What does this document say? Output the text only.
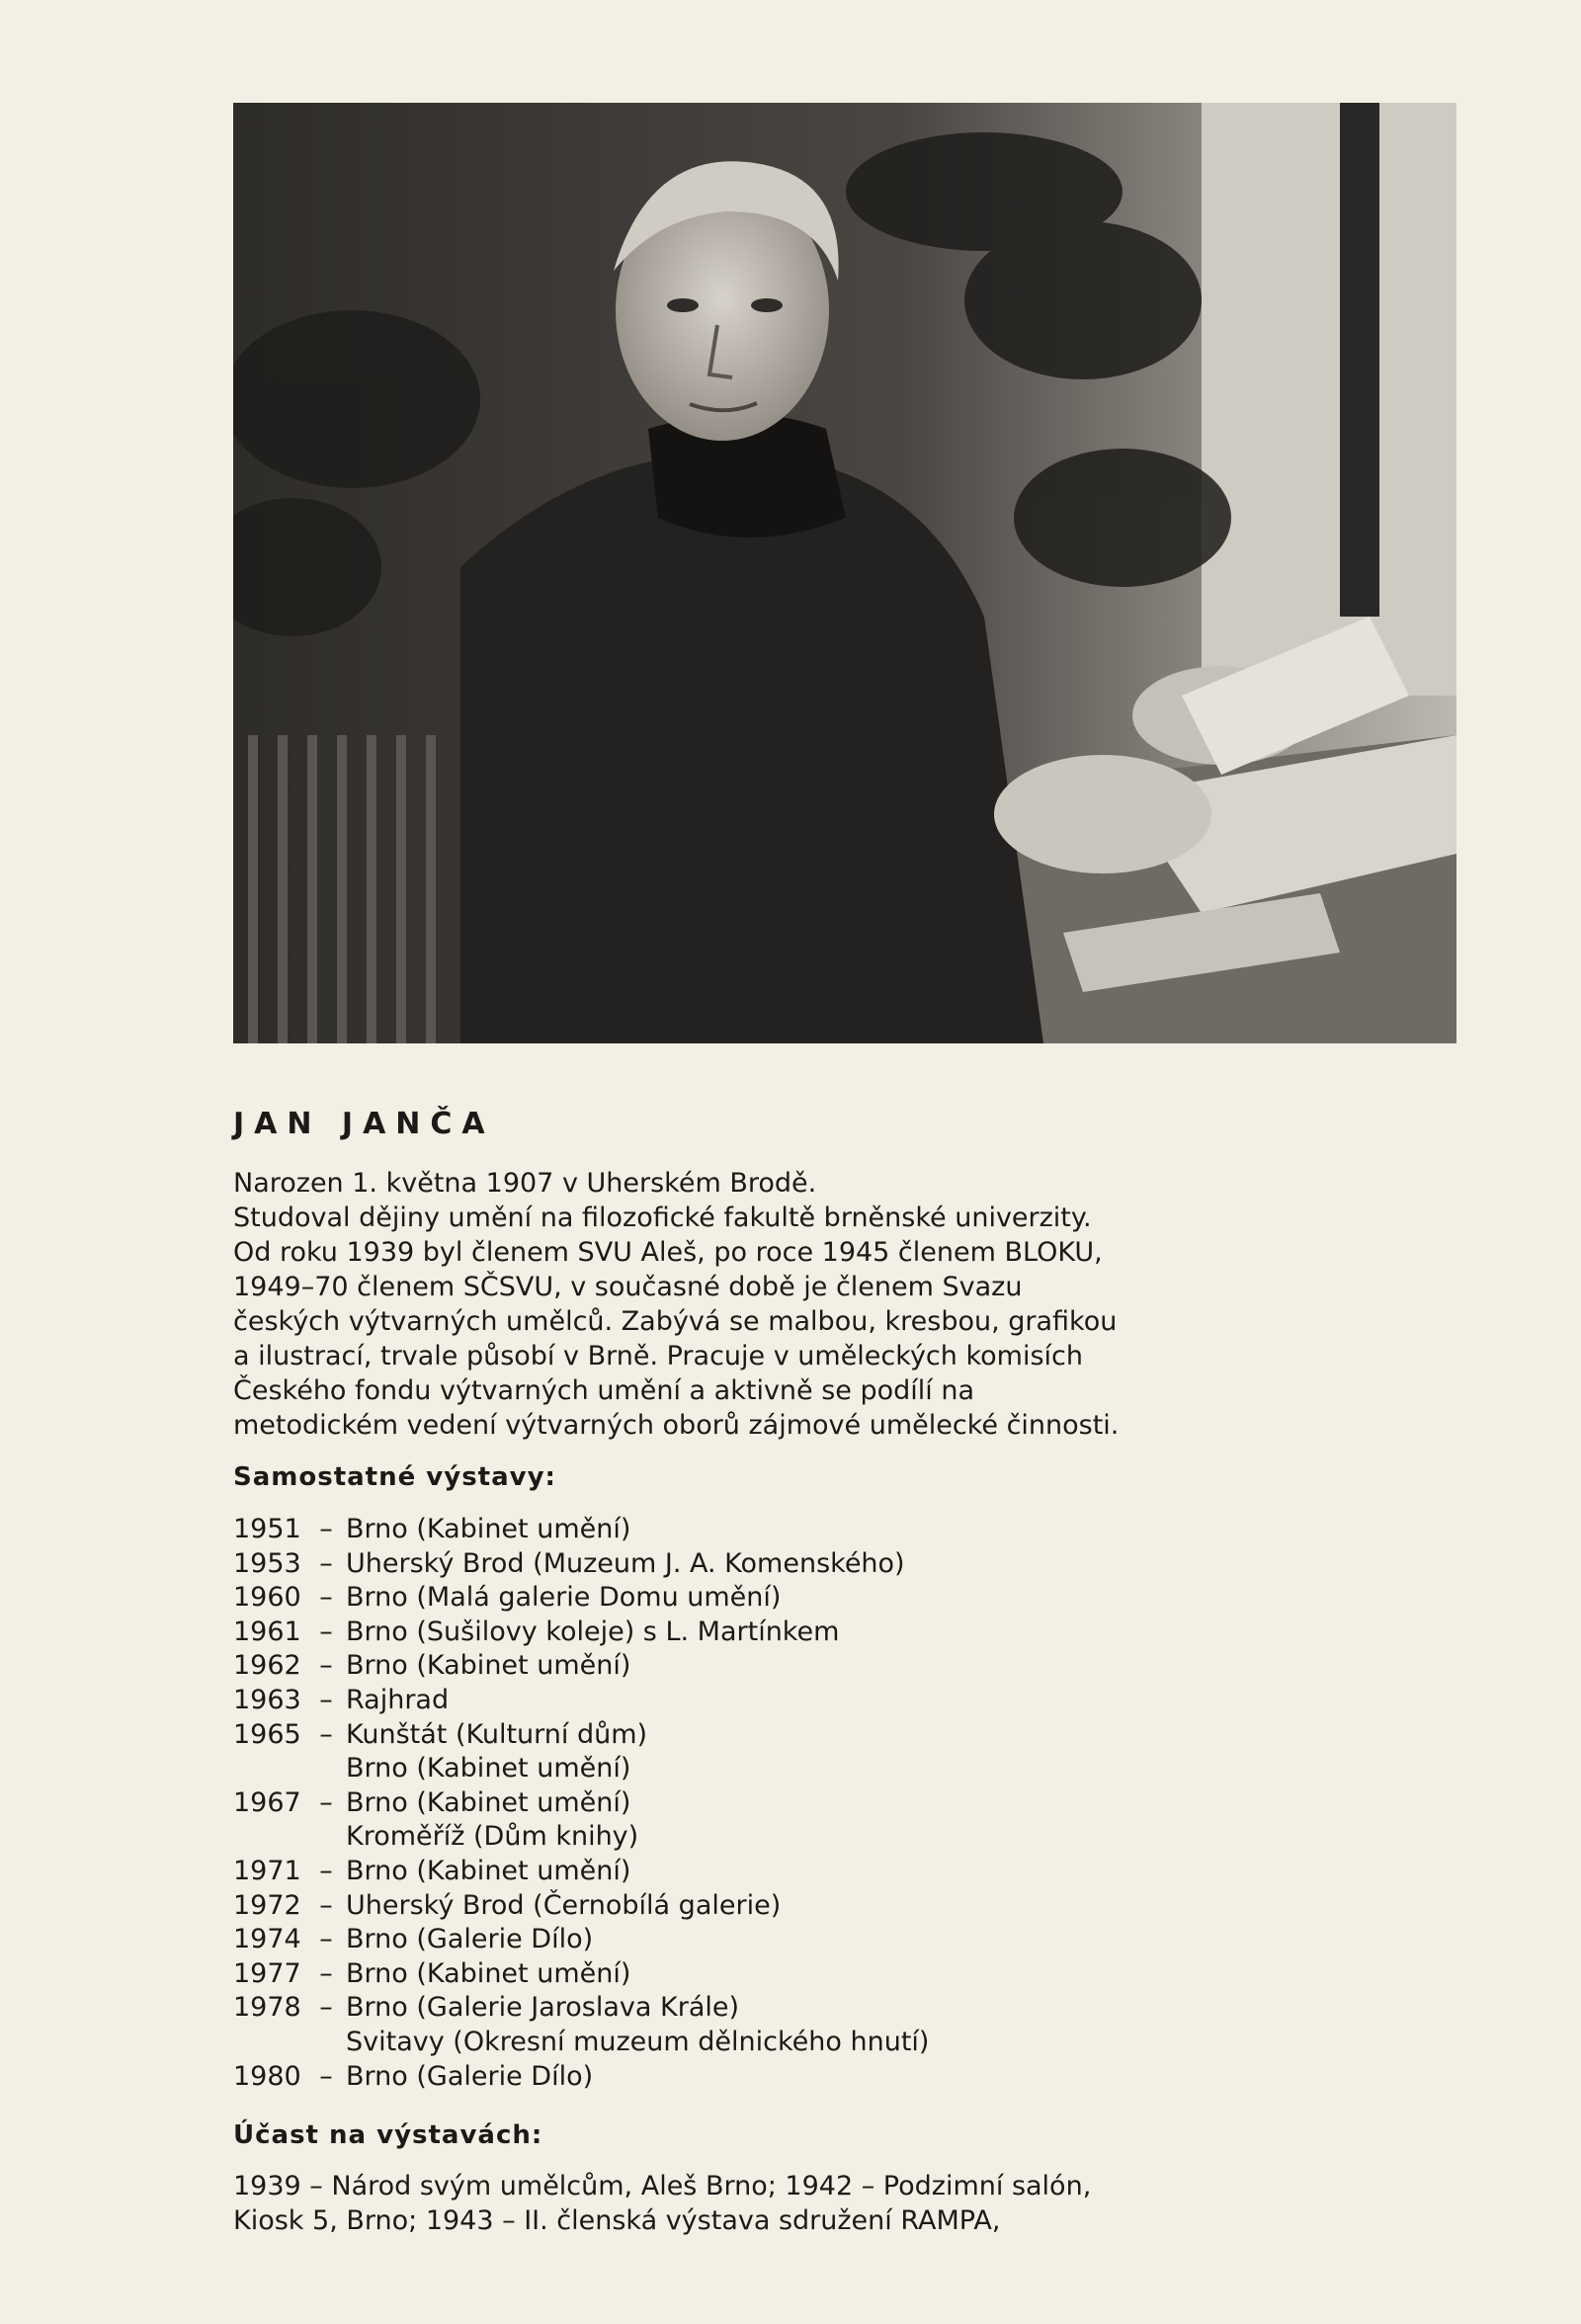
JAN JANČA

Narozen 1. května 1907 v Uherském Brodě.
Studoval dějiny umění na filozofické fakultě brněnské univerzity.
Od roku 1939 byl členem SVU Aleš, po roce 1945 členem BLOKU,
1949–70 členem SČSVU, v současné době je členem Svazu
českých výtvarných umělců. Zabývá se malbou, kresbou, grafikou
a ilustrací, trvale působí v Brně. Pracuje v uměleckých komisích
Českého fondu výtvarných umění a aktivně se podílí na
metodickém vedení výtvarných oborů zájmové umělecké činnosti.

Samostatné výstavy:
1951 – Brno (Kabinet umění)
1953 – Uherský Brod (Muzeum J. A. Komenského)
1960 – Brno (Malá galerie Domu umění)
1961 – Brno (Sušilovy koleje) s L. Martínkem
1962 – Brno (Kabinet umění)
1963 – Rajhrad
1965 – Kunštát (Kulturní dům)
Brno (Kabinet umění)
1967 – Brno (Kabinet umění)
Kroměříž (Dům knihy)
1971 – Brno (Kabinet umění)
1972 – Uherský Brod (Černobílá galerie)
1974 – Brno (Galerie Dílo)
1977 – Brno (Kabinet umění)
1978 – Brno (Galerie Jaroslava Krále)
Svitavy (Okresní muzeum dělnického hnutí)
1980 – Brno (Galerie Dílo)
Účast na výstavách:

1939 – Národ svým umělcům, Aleš Brno; 1942 – Podzimní salón,
Kiosk 5, Brno; 1943 – II. členská výstava sdružení RAMPA,
